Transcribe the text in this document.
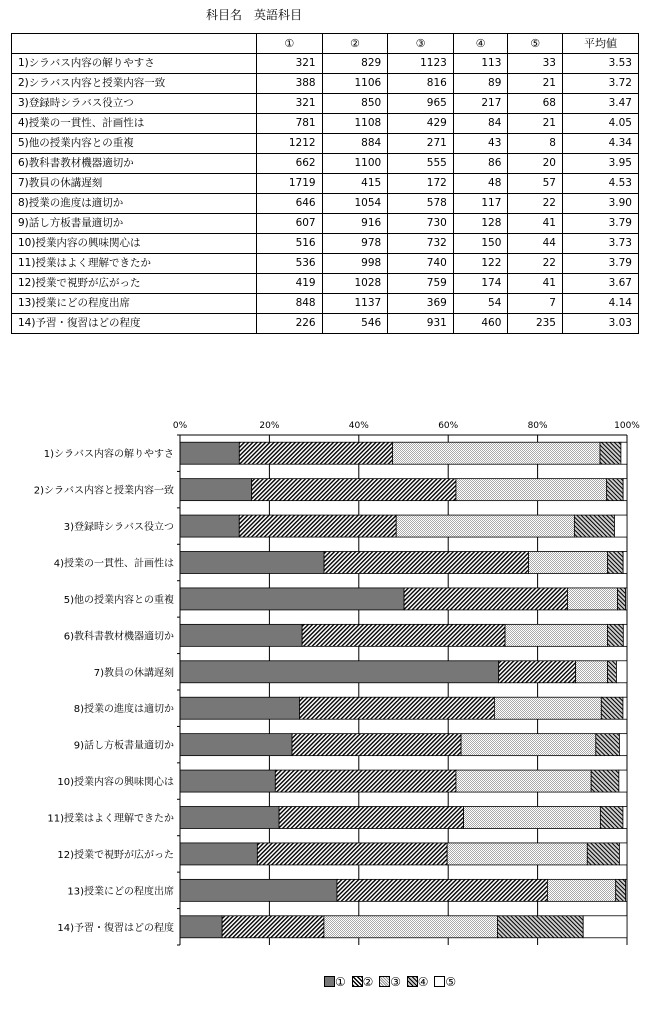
科目名　英語科目
	①	②	③	④	⑤	平均値
1)シラバス内容の解りやすさ	321	829	1123	113	33	3.53
2)シラバス内容と授業内容一致	388	1106	816	89	21	3.72
3)登録時シラバス役立つ	321	850	965	217	68	3.47
4)授業の一貫性、計画性は	781	1108	429	84	21	4.05
5)他の授業内容との重複	1212	884	271	43	8	4.34
6)教科書教材機器適切か	662	1100	555	86	20	3.95
7)教員の休講遅刻	1719	415	172	48	57	4.53
8)授業の進度は適切か	646	1054	578	117	22	3.90
9)話し方板書量適切か	607	916	730	128	41	3.79
10)授業内容の興味関心は	516	978	732	150	44	3.73
11)授業はよく理解できたか	536	998	740	122	22	3.79
12)授業で視野が広がった	419	1028	759	174	41	3.67
13)授業にどの程度出席	848	1137	369	54	7	4.14
14)予習・復習はどの程度	226	546	931	460	235	3.03
0%	20%	40%	60%	80%	100%
1)シラバス内容の解りやすさ
2)シラバス内容と授業内容一致
3)登録時シラバス役立つ
4)授業の一貫性、計画性は
5)他の授業内容との重複
6)教科書教材機器適切か
7)教員の休講遅刻
8)授業の進度は適切か
9)話し方板書量適切か
10)授業内容の興味関心は
11)授業はよく理解できたか
12)授業で視野が広がった
13)授業にどの程度出席
14)予習・復習はどの程度
① ② ③ ④ ⑤
